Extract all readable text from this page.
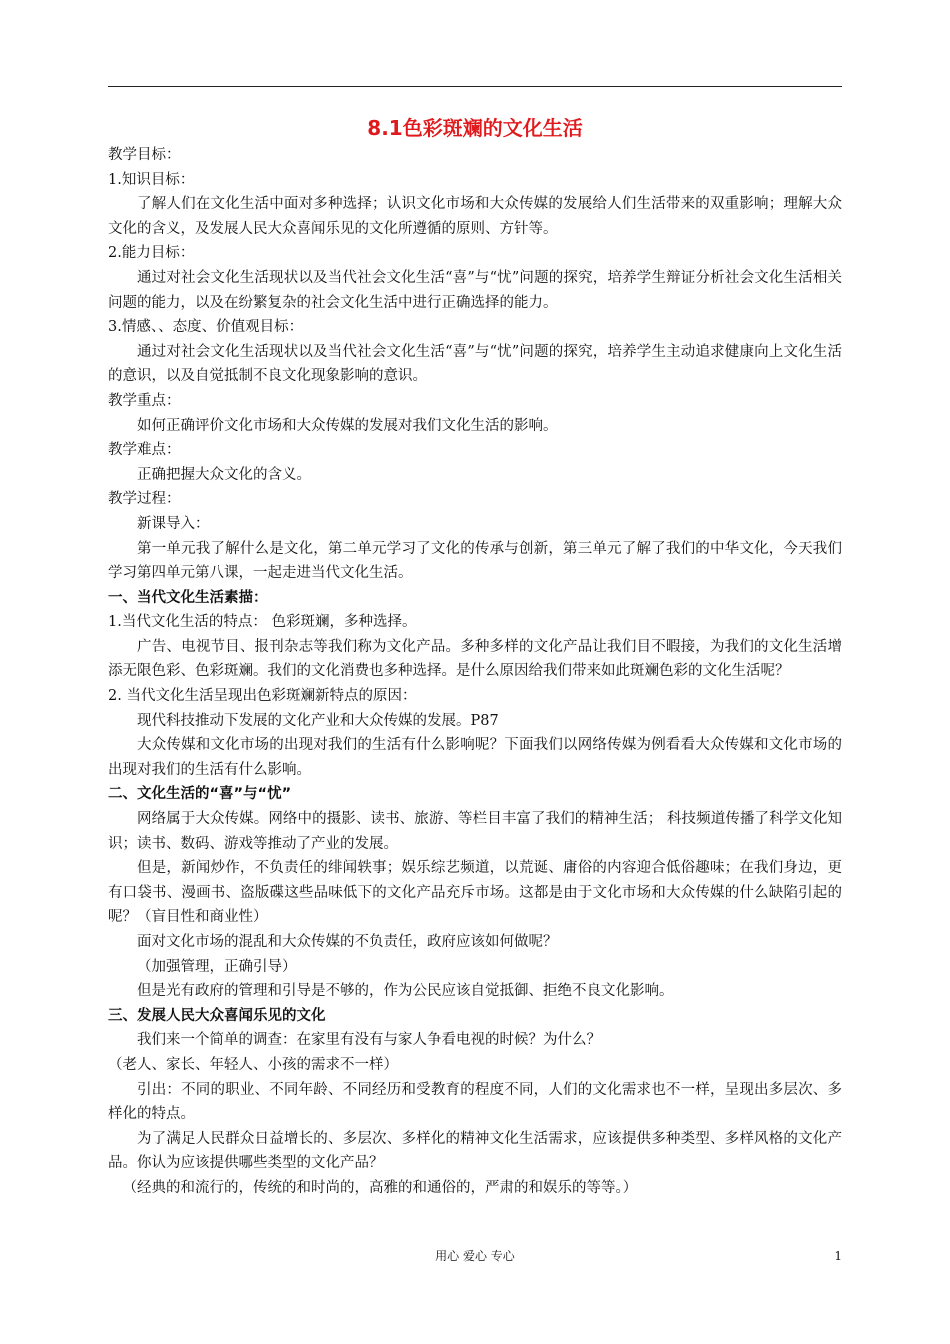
8.1色彩斑斓的文化生活

教学目标：

1.知识目标：

了解人们在文化生活中面对多种选择；认识文化市场和大众传媒的发展给人们生活带来的双重影响；理解大众文化的含义，及发展人民大众喜闻乐见的文化所遵循的原则、方针等。

2.能力目标：

通过对社会文化生活现状以及当代社会文化生活“喜”与“忧”问题的探究，培养学生辩证分析社会文化生活相关问题的能力，以及在纷繁复杂的社会文化生活中进行正确选择的能力。

3.情感、、态度、价值观目标：

通过对社会文化生活现状以及当代社会文化生活“喜”与“忧”问题的探究，培养学生主动追求健康向上文化生活的意识，以及自觉抵制不良文化现象影响的意识。

教学重点：

如何正确评价文化市场和大众传媒的发展对我们文化生活的影响。

教学难点：

正确把握大众文化的含义。

教学过程：

新课导入：

第一单元我了解什么是文化，第二单元学习了文化的传承与创新，第三单元了解了我们的中华文化，今天我们学习第四单元第八课，一起走进当代文化生活。

一、当代文化生活素描：

1.当代文化生活的特点： 色彩斑斓，多种选择。

广告、电视节目、报刊杂志等我们称为文化产品。多种多样的文化产品让我们目不暇接，为我们的文化生活增添无限色彩、色彩斑斓。我们的文化消费也多种选择。是什么原因给我们带来如此斑斓色彩的文化生活呢？

2. 当代文化生活呈现出色彩斑斓新特点的原因：

现代科技推动下发展的文化产业和大众传媒的发展。P87

大众传媒和文化市场的出现对我们的生活有什么影响呢？下面我们以网络传媒为例看看大众传媒和文化市场的出现对我们的生活有什么影响。

二、文化生活的“喜”与“忧”

网络属于大众传媒。网络中的摄影、读书、旅游、等栏目丰富了我们的精神生活； 科技频道传播了科学文化知识；读书、数码、游戏等推动了产业的发展。

但是，新闻炒作，不负责任的绯闻轶事；娱乐综艺频道，以荒诞、庸俗的内容迎合低俗趣味；在我们身边，更有口袋书、漫画书、盗版碟这些品味低下的文化产品充斥市场。这都是由于文化市场和大众传媒的什么缺陷引起的呢？（盲目性和商业性）

面对文化市场的混乱和大众传媒的不负责任，政府应该如何做呢？

（加强管理，正确引导）

但是光有政府的管理和引导是不够的，作为公民应该自觉抵御、拒绝不良文化影响。

三、发展人民大众喜闻乐见的文化

我们来一个简单的调查：在家里有没有与家人争看电视的时候？为什么？

（老人、家长、年轻人、小孩的需求不一样）

引出：不同的职业、不同年龄、不同经历和受教育的程度不同，人们的文化需求也不一样，呈现出多层次、多样化的特点。

为了满足人民群众日益增长的、多层次、多样化的精神文化生活需求，应该提供多种类型、多样风格的文化产品。你认为应该提供哪些类型的文化产品？

（经典的和流行的，传统的和时尚的，高雅的和通俗的，严肃的和娱乐的等等。）

用心 爱心 专心	1
